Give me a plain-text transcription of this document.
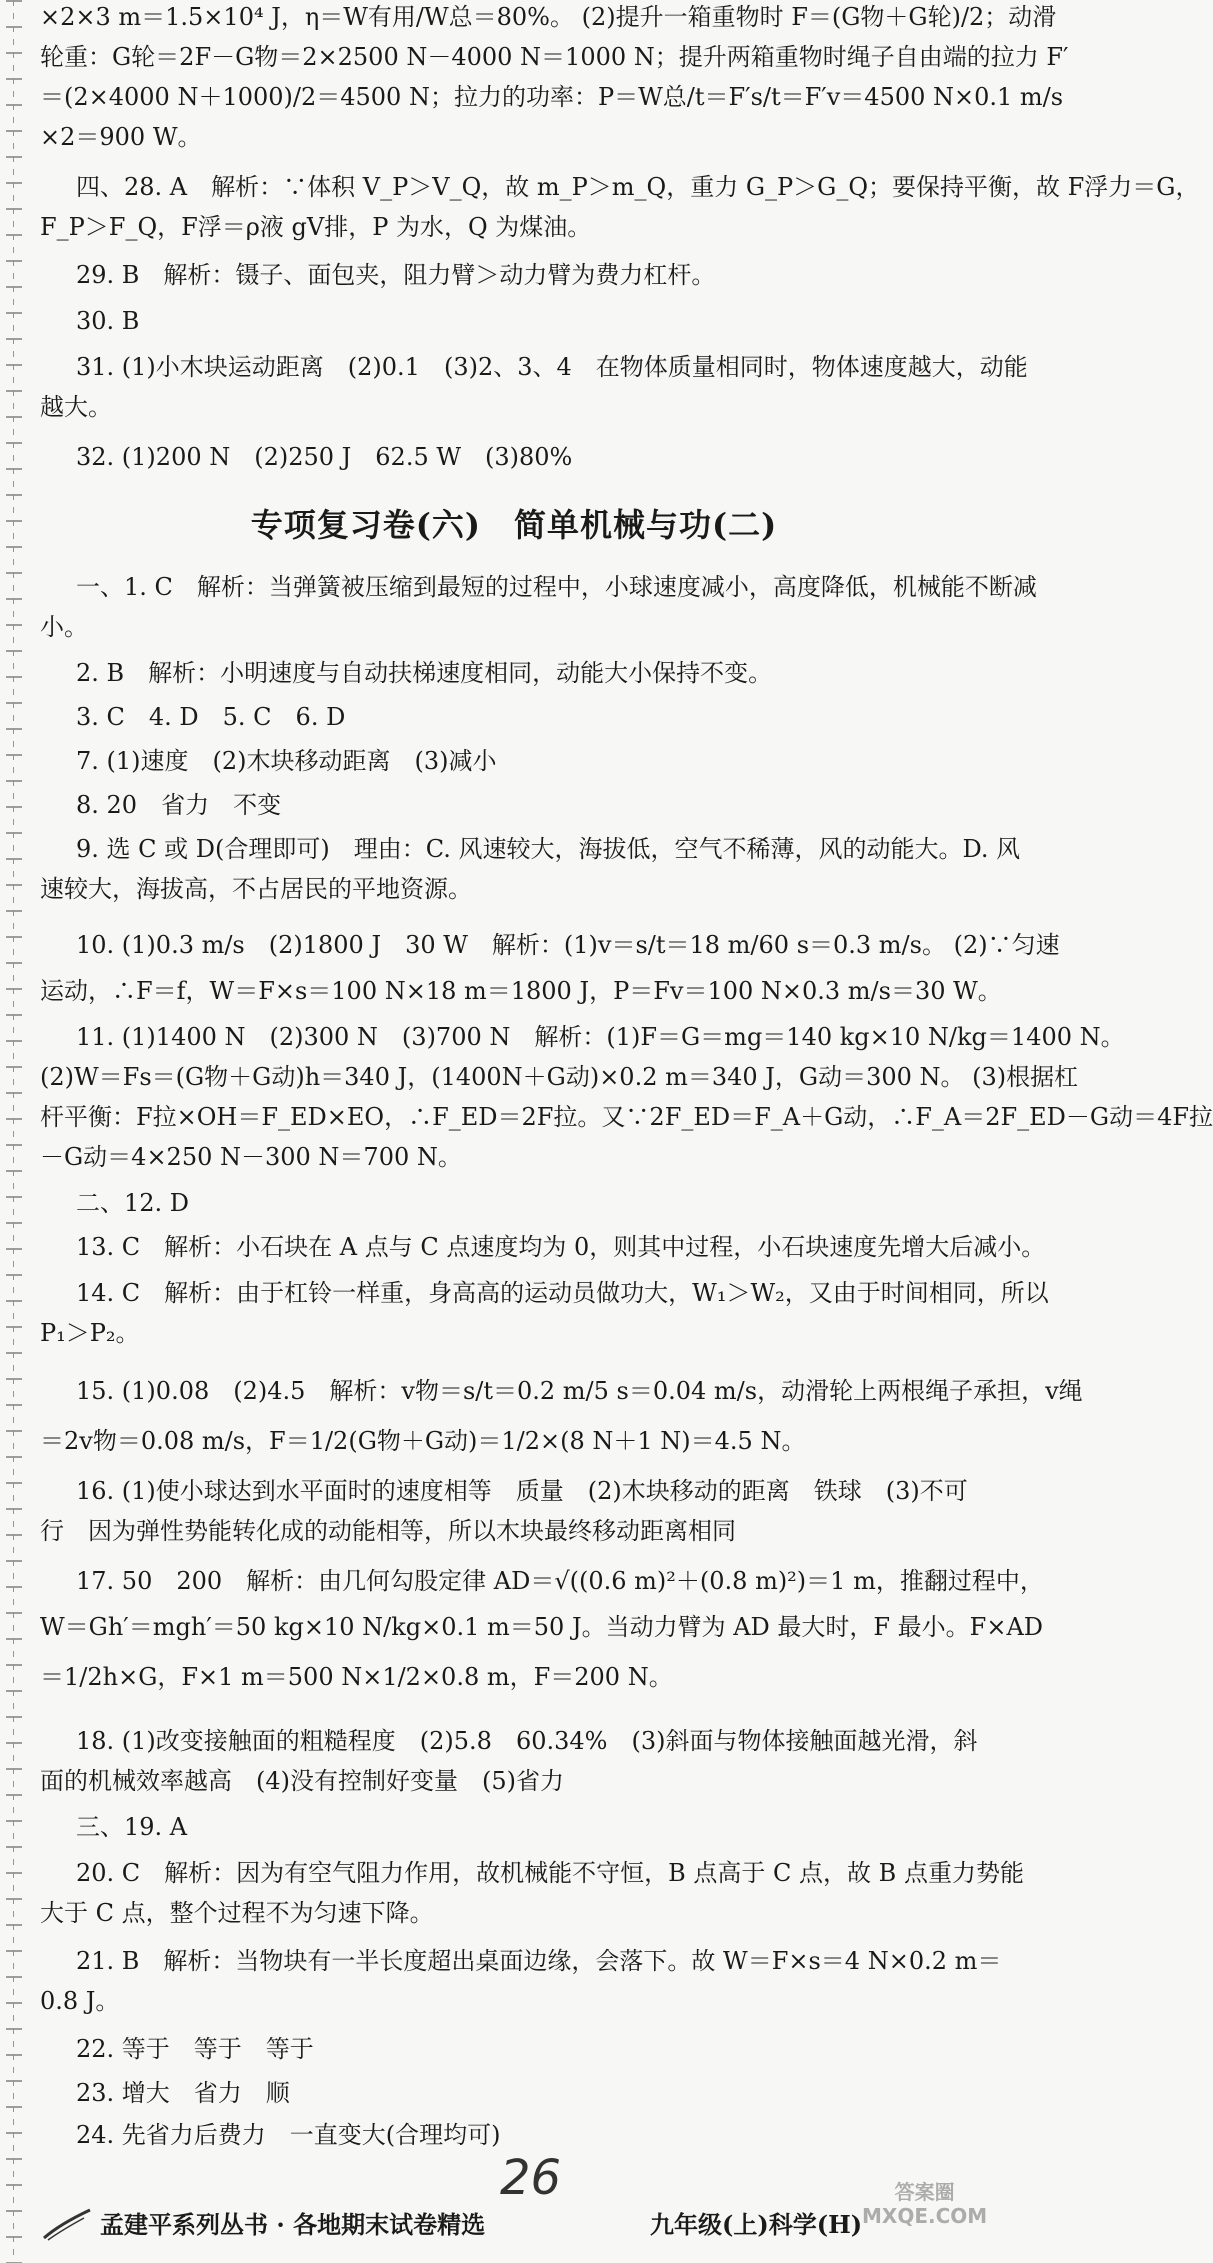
×2×3 m＝1.5×10⁴ J，η＝W有用/W总＝80%。 (2)提升一箱重物时 F＝(G物＋G轮)/2；动滑
轮重：G轮＝2F－G物＝2×2500 N－4000 N＝1000 N；提升两箱重物时绳子自由端的拉力 F′
＝(2×4000 N＋1000)/2＝4500 N；拉力的功率：P＝W总/t＝F′s/t＝F′v＝4500 N×0.1 m/s
×2＝900 W。
四、28. A　解析：∵体积 V_P＞V_Q，故 m_P＞m_Q，重力 G_P＞G_Q；要保持平衡，故 F浮力＝G，
F_P＞F_Q，F浮＝ρ液 gV排，P 为水，Q 为煤油。
29. B　解析：镊子、面包夹，阻力臂＞动力臂为费力杠杆。
30. B
31. (1)小木块运动距离　(2)0.1　(3)2、3、4　在物体质量相同时，物体速度越大，动能
越大。
32. (1)200 N　(2)250 J　62.5 W　(3)80%
专项复习卷(六)　简单机械与功(二)
一、1. C　解析：当弹簧被压缩到最短的过程中，小球速度减小，高度降低，机械能不断减
小。
2. B　解析：小明速度与自动扶梯速度相同，动能大小保持不变。
3. C　4. D　5. C　6. D
7. (1)速度　(2)木块移动距离　(3)减小
8. 20　省力　不变
9. 选 C 或 D(合理即可)　理由：C. 风速较大，海拔低，空气不稀薄，风的动能大。D. 风
速较大，海拔高，不占居民的平地资源。
10. (1)0.3 m/s　(2)1800 J　30 W　解析：(1)v＝s/t＝18 m/60 s＝0.3 m/s。 (2)∵匀速
运动，∴F＝f，W＝F×s＝100 N×18 m＝1800 J，P＝Fv＝100 N×0.3 m/s＝30 W。
11. (1)1400 N　(2)300 N　(3)700 N　解析：(1)F＝G＝mg＝140 kg×10 N/kg＝1400 N。
(2)W＝Fs＝(G物＋G动)h＝340 J，(1400N＋G动)×0.2 m＝340 J，G动＝300 N。 (3)根据杠
杆平衡：F拉×OH＝F_ED×EO，∴F_ED＝2F拉。又∵2F_ED＝F_A＋G动，∴F_A＝2F_ED－G动＝4F拉
－G动＝4×250 N－300 N＝700 N。
二、12. D
13. C　解析：小石块在 A 点与 C 点速度均为 0，则其中过程，小石块速度先增大后减小。
14. C　解析：由于杠铃一样重，身高高的运动员做功大，W₁＞W₂，又由于时间相同，所以
P₁＞P₂。
15. (1)0.08　(2)4.5　解析：v物＝s/t＝0.2 m/5 s＝0.04 m/s，动滑轮上两根绳子承担，v绳
＝2v物＝0.08 m/s，F＝1/2(G物＋G动)＝1/2×(8 N＋1 N)＝4.5 N。
16. (1)使小球达到水平面时的速度相等　质量　(2)木块移动的距离　铁球　(3)不可
行　因为弹性势能转化成的动能相等，所以木块最终移动距离相同
17. 50　200　解析：由几何勾股定律 AD＝√((0.6 m)²＋(0.8 m)²)＝1 m，推翻过程中，
W＝Gh′＝mgh′＝50 kg×10 N/kg×0.1 m＝50 J。当动力臂为 AD 最大时，F 最小。F×AD
＝1/2h×G，F×1 m＝500 N×1/2×0.8 m，F＝200 N。
18. (1)改变接触面的粗糙程度　(2)5.8　60.34%　(3)斜面与物体接触面越光滑，斜
面的机械效率越高　(4)没有控制好变量　(5)省力
三、19. A
20. C　解析：因为有空气阻力作用，故机械能不守恒，B 点高于 C 点，故 B 点重力势能
大于 C 点，整个过程不为匀速下降。
21. B　解析：当物块有一半长度超出桌面边缘，会落下。故 W＝F×s＝4 N×0.2 m＝
0.8 J。
22. 等于　等于　等于
23. 增大　省力　顺
24. 先省力后费力　一直变大(合理均可)
26
孟建平系列丛书 · 各地期末试卷精选	九年级(上)科学(H)
答案圈
MXQE.COM
